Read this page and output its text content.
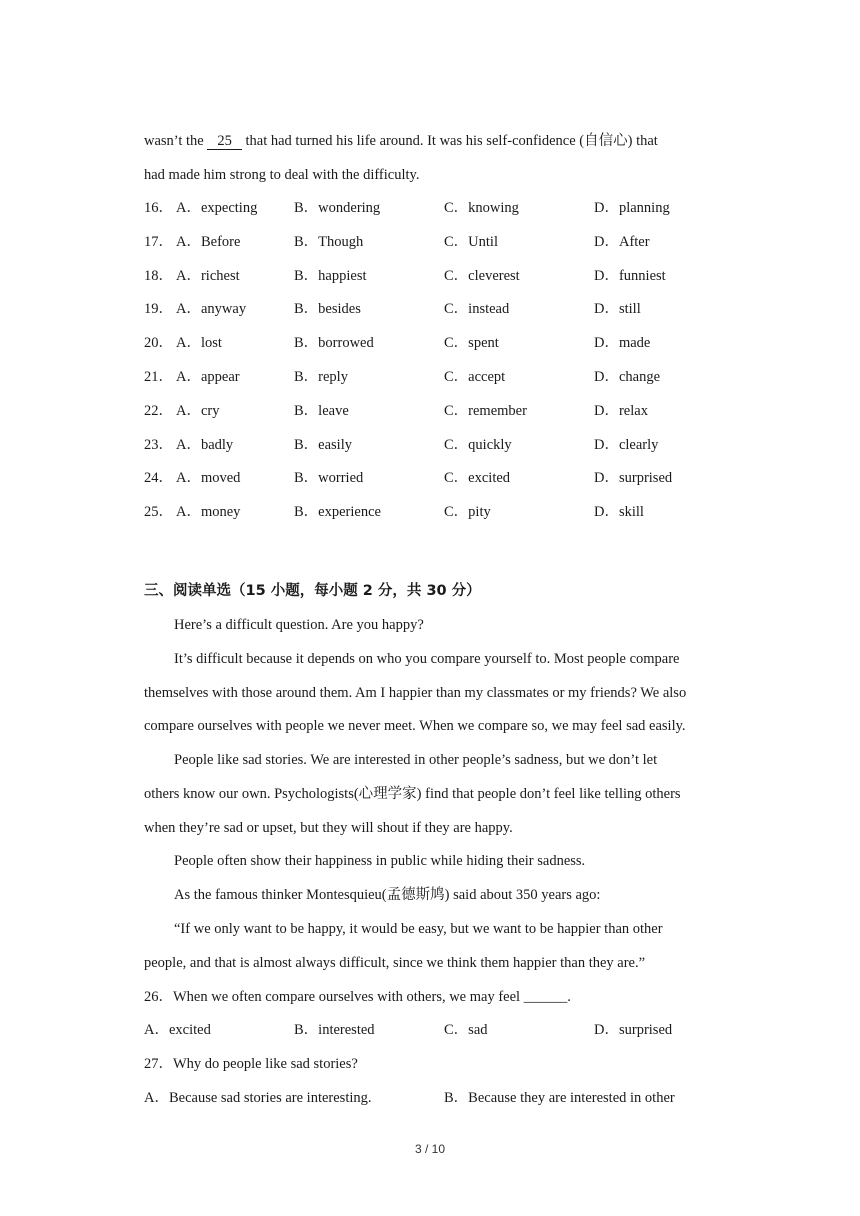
wasn’t the 25 that had turned his life around. It was his self-confidence (自信心) that
had made him strong to deal with the difficulty.
16． A．expecting	B．wondering	C．knowing	D．planning
17． A．Before	B．Though	C．Until	D．After
18． A．richest	B．happiest	C．cleverest	D．funniest
19． A．anyway	B．besides	C．instead	D．still
20． A．lost	B．borrowed	C．spent	D．made
21． A．appear	B．reply	C．accept	D．change
22． A．cry	B．leave	C．remember	D．relax
23． A．badly	B．easily	C．quickly	D．clearly
24． A．moved	B．worried	C．excited	D．surprised
25． A．money	B．experience	C．pity	D．skill
三、阅读单选（15 小题，每小题 2 分，共 30 分）
Here’s a difficult question. Are you happy?
It’s difficult because it depends on who you compare yourself to. Most people compare
themselves with those around them. Am I happier than my classmates or my friends? We also
compare ourselves with people we never meet. When we compare so, we may feel sad easily.
People like sad stories. We are interested in other people’s sadness, but we don’t let
others know our own. Psychologists(心理学家) find that people don’t feel like telling others
when they’re sad or upset, but they will shout if they are happy.
People often show their happiness in public while hiding their sadness.
As the famous thinker Montesquieu(孟德斯鸠) said about 350 years ago:
“If we only want to be happy, it would be easy, but we want to be happier than other
people, and that is almost always difficult, since we think them happier than they are.”
26．When we often compare ourselves with others, we may feel ______.
A．excited	B．interested	C．sad	D．surprised
27．Why do people like sad stories?
A．Because sad stories are interesting.	B．Because they are interested in other
3 / 10
